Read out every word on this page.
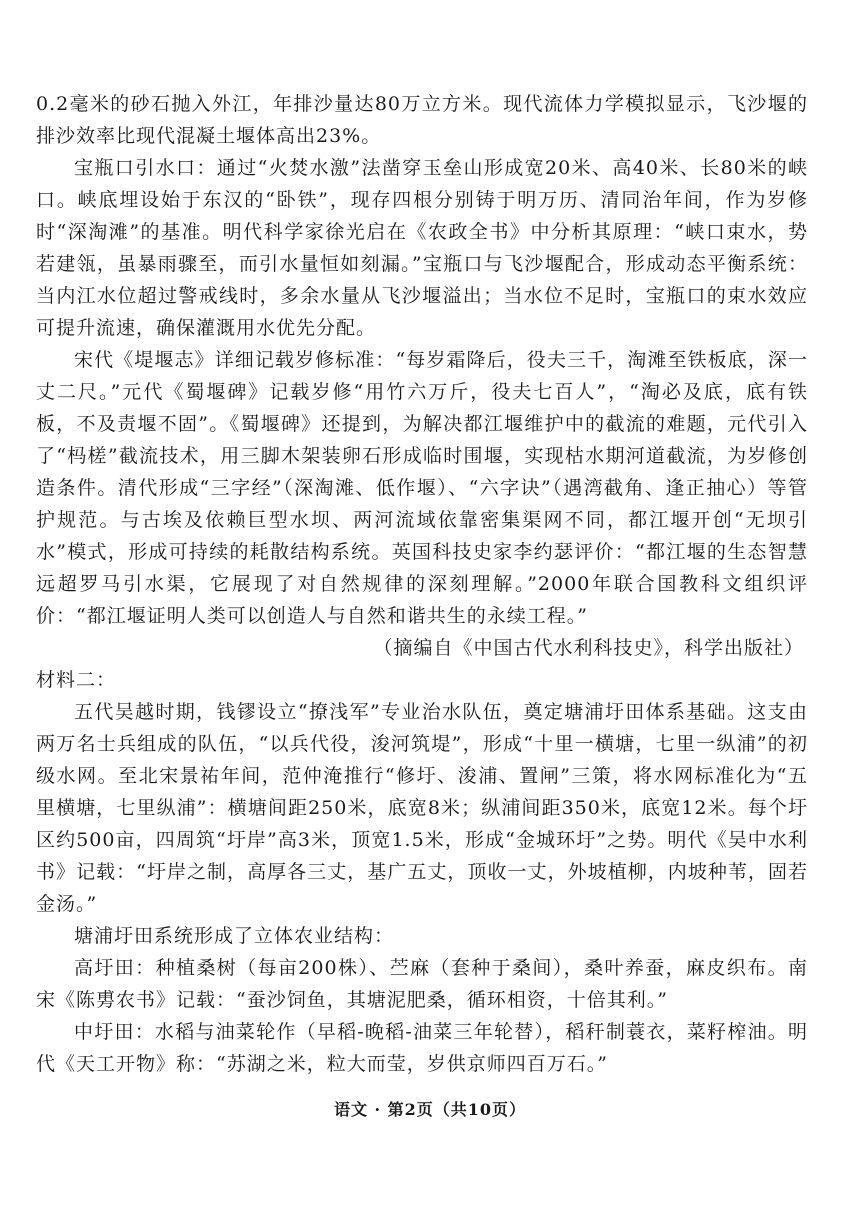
0.2毫米的砂石抛入外江，年排沙量达80万立方米。现代流体力学模拟显示，飞沙堰的排沙效率比现代混凝土堰体高出23%。

宝瓶口引水口：通过“火焚水激”法凿穿玉垒山形成宽20米、高40米、长80米的峡口。峡底埋设始于东汉的“卧铁”，现存四根分别铸于明万历、清同治年间，作为岁修时“深淘滩”的基准。明代科学家徐光启在《农政全书》中分析其原理：“峡口束水，势若建瓴，虽暴雨骤至，而引水量恒如刻漏。”宝瓶口与飞沙堰配合，形成动态平衡系统：当内江水位超过警戒线时，多余水量从飞沙堰溢出；当水位不足时，宝瓶口的束水效应可提升流速，确保灌溉用水优先分配。

宋代《堤堰志》详细记载岁修标准：“每岁霜降后，役夫三千，淘滩至铁板底，深一丈二尺。”元代《蜀堰碑》记载岁修“用竹六万斤，役夫七百人”，“淘必及底，底有铁板，不及责堰不固”。《蜀堰碑》还提到，为解决都江堰维护中的截流的难题，元代引入了“杩槎”截流技术，用三脚木架装卵石形成临时围堰，实现枯水期河道截流，为岁修创造条件。清代形成“三字经”（深淘滩、低作堰）、“六字诀”（遇湾截角、逢正抽心）等管护规范。与古埃及依赖巨型水坝、两河流域依靠密集渠网不同，都江堰开创“无坝引水”模式，形成可持续的耗散结构系统。英国科技史家李约瑟评价：“都江堰的生态智慧远超罗马引水渠，它展现了对自然规律的深刻理解。”2000年联合国教科文组织评价：“都江堰证明人类可以创造人与自然和谐共生的永续工程。”

（摘编自《中国古代水利科技史》，科学出版社）

材料二：

五代吴越时期，钱镠设立“撩浅军”专业治水队伍，奠定塘浦圩田体系基础。这支由两万名士兵组成的队伍，“以兵代役，浚河筑堤”，形成“十里一横塘，七里一纵浦”的初级水网。至北宋景祐年间，范仲淹推行“修圩、浚浦、置闸”三策，将水网标准化为“五里横塘，七里纵浦”：横塘间距250米，底宽8米；纵浦间距350米，底宽12米。每个圩区约500亩，四周筑“圩岸”高3米，顶宽1.5米，形成“金城环圩”之势。明代《吴中水利书》记载：“圩岸之制，高厚各三丈，基广五丈，顶收一丈，外坡植柳，内坡种苇，固若金汤。”

塘浦圩田系统形成了立体农业结构：

高圩田：种植桑树（每亩200株）、苎麻（套种于桑间），桑叶养蚕，麻皮织布。南宋《陈旉农书》记载：“蚕沙饲鱼，其塘泥肥桑，循环相资，十倍其利。”

中圩田：水稻与油菜轮作（早稻-晚稻-油菜三年轮替），稻秆制蓑衣，菜籽榨油。明代《天工开物》称：“苏湖之米，粒大而莹，岁供京师四百万石。”

语文 · 第2页（共10页）
